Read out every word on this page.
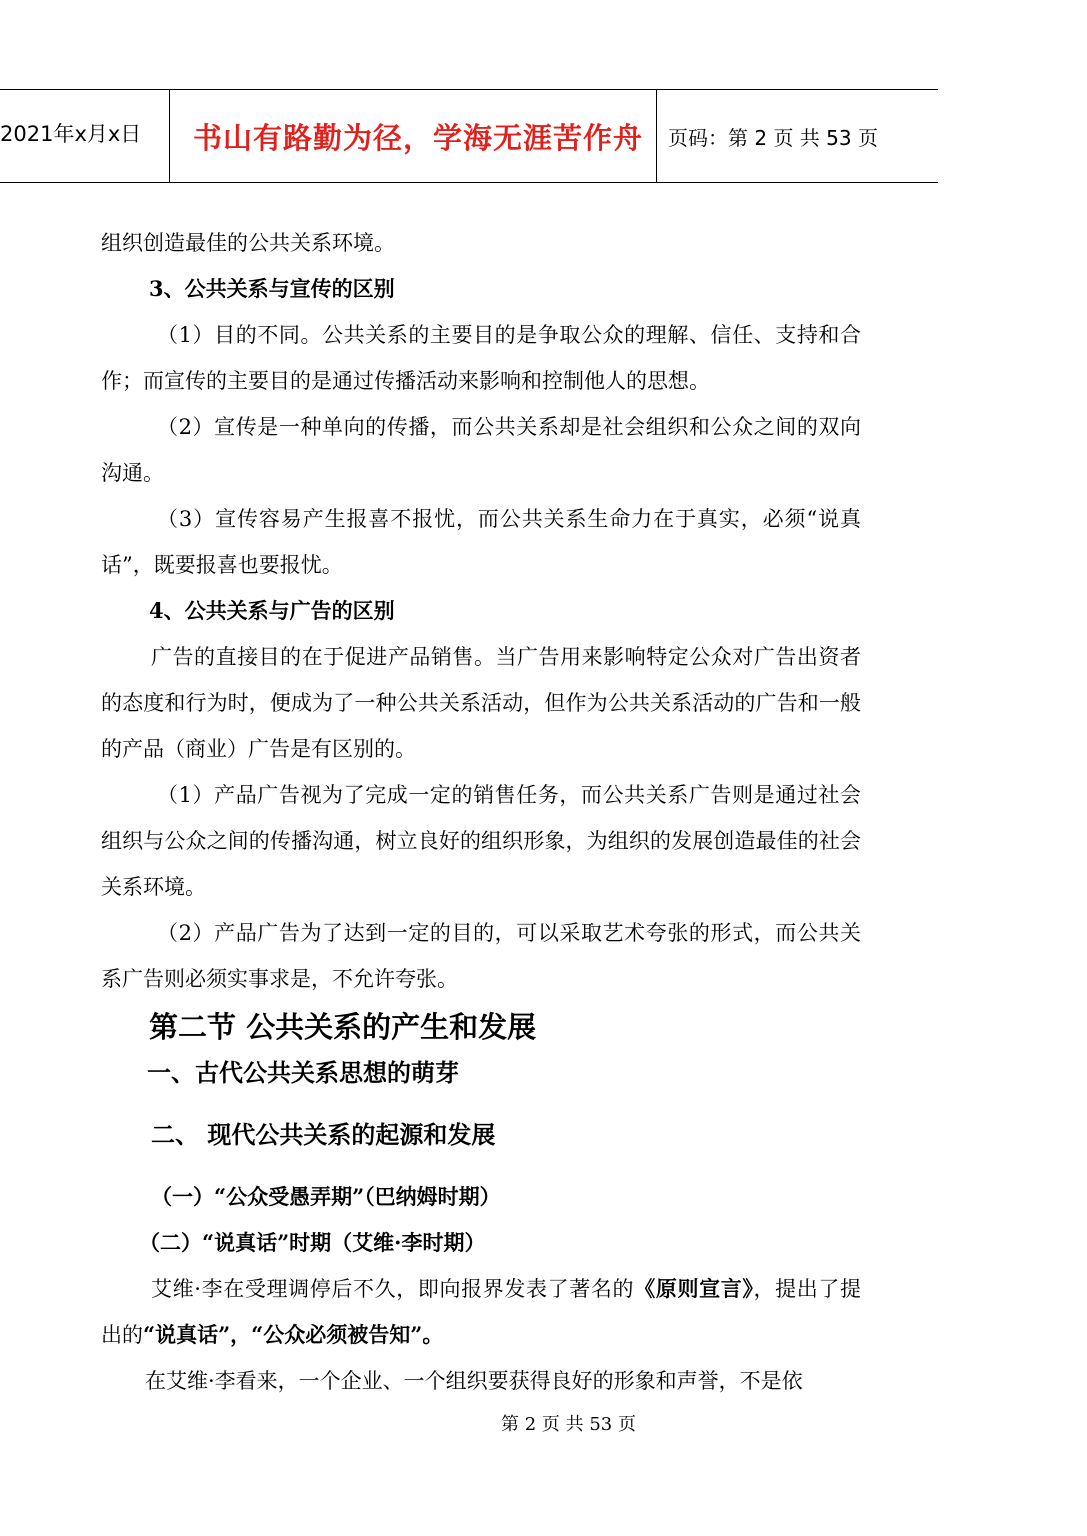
2021年x月x日	书山有路勤为径，学海无涯苦作舟 页码：第 2 页 共 53 页

组织创造最佳的公共关系环境。

3、公共关系与宣传的区别

（1）目的不同。公共关系的主要目的是争取公众的理解、信任、支持和合作；而宣传的主要目的是通过传播活动来影响和控制他人的思想。

（2）宣传是一种单向的传播，而公共关系却是社会组织和公众之间的双向沟通。

（3）宣传容易产生报喜不报忧，而公共关系生命力在于真实，必须“说真话”，既要报喜也要报忧。

4、公共关系与广告的区别

广告的直接目的在于促进产品销售。当广告用来影响特定公众对广告出资者的态度和行为时，便成为了一种公共关系活动，但作为公共关系活动的广告和一般的产品（商业）广告是有区别的。

（1）产品广告视为了完成一定的销售任务，而公共关系广告则是通过社会组织与公众之间的传播沟通，树立良好的组织形象，为组织的发展创造最佳的社会关系环境。

（2）产品广告为了达到一定的目的，可以采取艺术夸张的形式，而公共关系广告则必须实事求是，不允许夸张。

第二节 公共关系的产生和发展

一、古代公共关系思想的萌芽

二、 现代公共关系的起源和发展

（一）“公众受愚弄期”（巴纳姆时期）

（二）“说真话”时期（艾维·李时期）

艾维·李在受理调停后不久，即向报界发表了著名的《原则宣言》，提出了提出的“说真话”，“公众必须被告知”。

在艾维·李看来，一个企业、一个组织要获得良好的形象和声誉，不是依

第 2 页 共 53 页
